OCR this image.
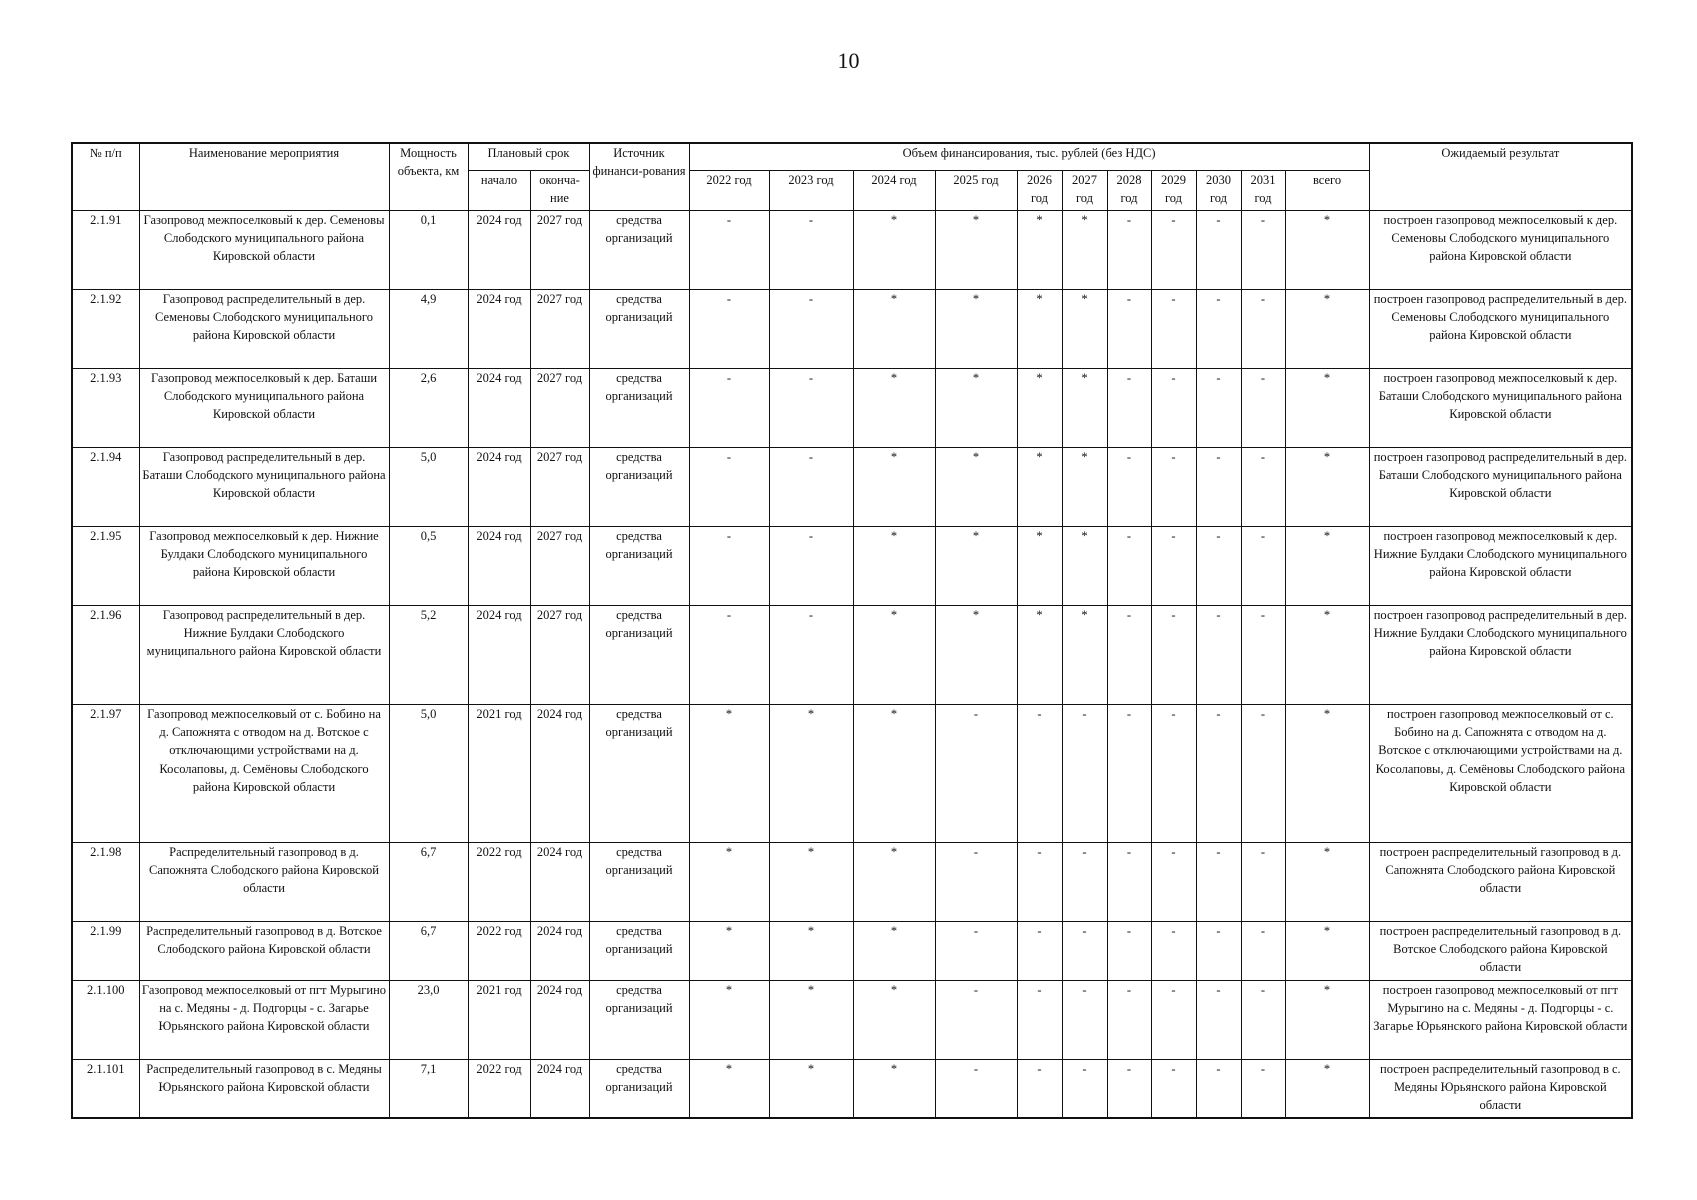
10
№ п/п	Наименование мероприятия	Мощность объекта, км	Плановый срок		Источник финанси-рования	Объем финансирования, тыс. рублей (без НДС)											Ожидаемый результат
			начало	оконча-ние		2022 год	2023 год	2024 год	2025 год	2026 год	2027 год	2028 год	2029 год	2030 год	2031 год	всего	
2.1.91	Газопровод межпоселковый к дер. Семеновы Слободского муниципального района Кировской области	0,1	2024 год	2027 год	средства организаций	-	-	*	*	*	*	-	-	-	-	*	построен газопровод межпоселковый к дер. Семеновы Слободского муниципального района Кировской области
2.1.92	Газопровод распределительный в дер. Семеновы Слободского муниципального района Кировской области	4,9	2024 год	2027 год	средства организаций	-	-	*	*	*	*	-	-	-	-	*	построен газопровод распределительный в дер. Семеновы Слободского муниципального района Кировской области
2.1.93	Газопровод межпоселковый к дер. Баташи Слободского муниципального района Кировской области	2,6	2024 год	2027 год	средства организаций	-	-	*	*	*	*	-	-	-	-	*	построен газопровод межпоселковый к дер. Баташи Слободского муниципального района Кировской области
2.1.94	Газопровод распределительный в дер. Баташи Слободского муниципального района Кировской области	5,0	2024 год	2027 год	средства организаций	-	-	*	*	*	*	-	-	-	-	*	построен газопровод распределительный в дер. Баташи Слободского муниципального района Кировской области
2.1.95	Газопровод межпоселковый к дер. Нижние Булдаки Слободского муниципального района Кировской области	0,5	2024 год	2027 год	средства организаций	-	-	*	*	*	*	-	-	-	-	*	построен газопровод межпоселковый к дер. Нижние Булдаки Слободского муниципального района Кировской области
2.1.96	Газопровод распределительный в дер. Нижние Булдаки Слободского муниципального района Кировской области	5,2	2024 год	2027 год	средства организаций	-	-	*	*	*	*	-	-	-	-	*	построен газопровод распределительный в дер. Нижние Булдаки Слободского муниципального района Кировской области
2.1.97	Газопровод межпоселковый от с. Бобино на д. Сапожнята с отводом на д. Вотское с отключающими устройствами на д. Косолаповы, д. Семёновы Слободского района Кировской области	5,0	2021 год	2024 год	средства организаций	*	*	*	-	-	-	-	-	-	-	*	построен газопровод межпоселковый от с. Бобино на д. Сапожнята с отводом на д. Вотское с отключающими устройствами на д. Косолаповы, д. Семёновы Слободского района Кировской области
2.1.98	Распределительный газопровод в д. Сапожнята Слободского района Кировской области	6,7	2022 год	2024 год	средства организаций	*	*	*	-	-	-	-	-	-	-	*	построен распределительный газопровод в д. Сапожнята Слободского района Кировской области
2.1.99	Распределительный газопровод в д. Вотское Слободского района Кировской области	6,7	2022 год	2024 год	средства организаций	*	*	*	-	-	-	-	-	-	-	*	построен распределительный газопровод в д. Вотское Слободского района Кировской области
2.1.100	Газопровод межпоселковый от пгт Мурыгино на с. Медяны - д. Подгорцы - с. Загарье Юрьянского района Кировской области	23,0	2021 год	2024 год	средства организаций	*	*	*	-	-	-	-	-	-	-	*	построен газопровод межпоселковый от пгт Мурыгино на с. Медяны - д. Подгорцы - с. Загарье Юрьянского района Кировской области
2.1.101	Распределительный газопровод в с. Медяны Юрьянского района Кировской области	7,1	2022 год	2024 год	средства организаций	*	*	*	-	-	-	-	-	-	-	*	построен распределительный газопровод в с. Медяны Юрьянского района Кировской области
